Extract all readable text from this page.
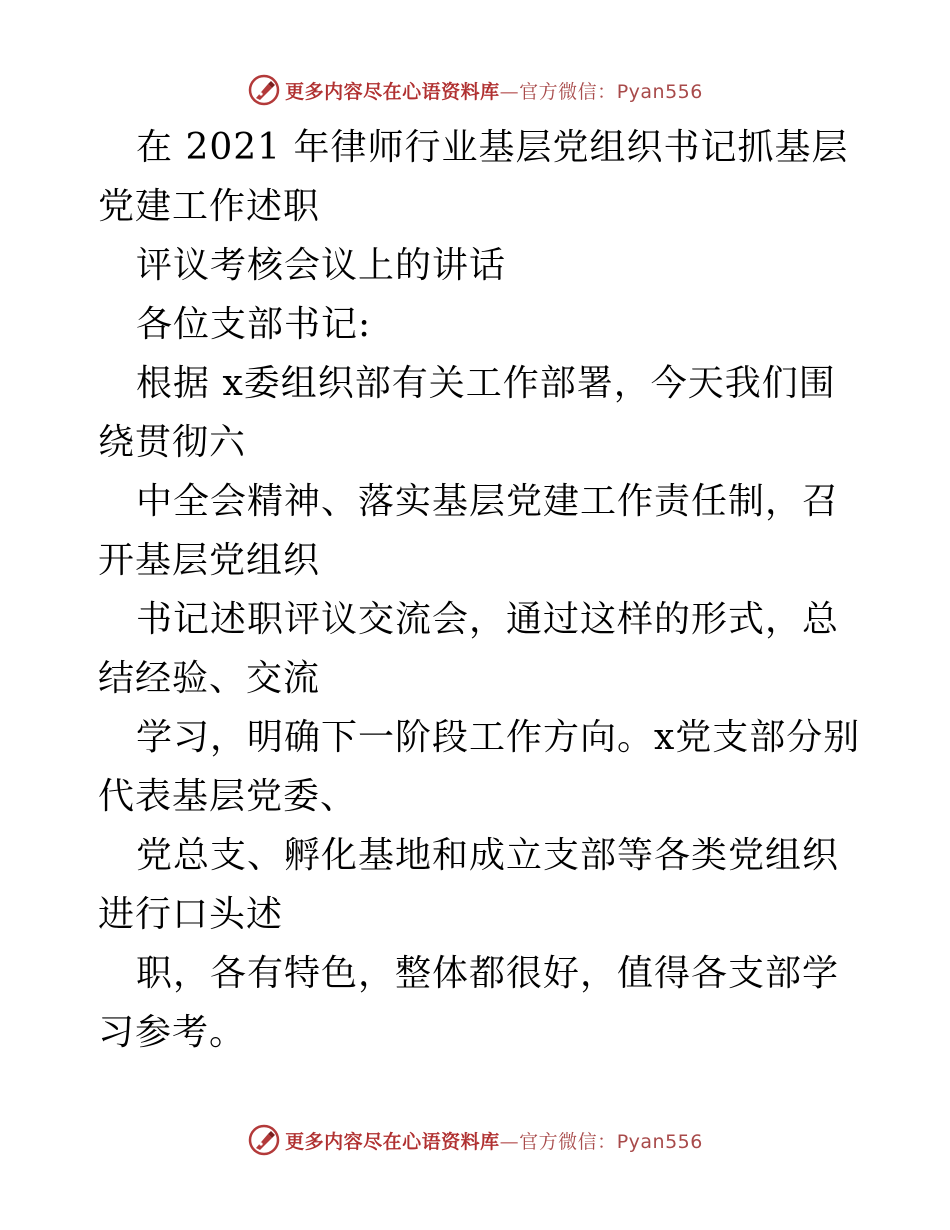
更多内容尽在心语资料库—官方微信：Pyan556

在 2021 年律师行业基层党组织书记抓基层党建工作述职

评议考核会议上的讲话

各位支部书记:

根据 x委组织部有关工作部署，今天我们围绕贯彻六

中全会精神、落实基层党建工作责任制，召开基层党组织

书记述职评议交流会，通过这样的形式，总结经验、交流

学习，明确下一阶段工作方向。x党支部分别代表基层党委、

党总支、孵化基地和成立支部等各类党组织进行口头述

职，各有特色，整体都很好，值得各支部学习参考。

更多内容尽在心语资料库—官方微信：Pyan556
